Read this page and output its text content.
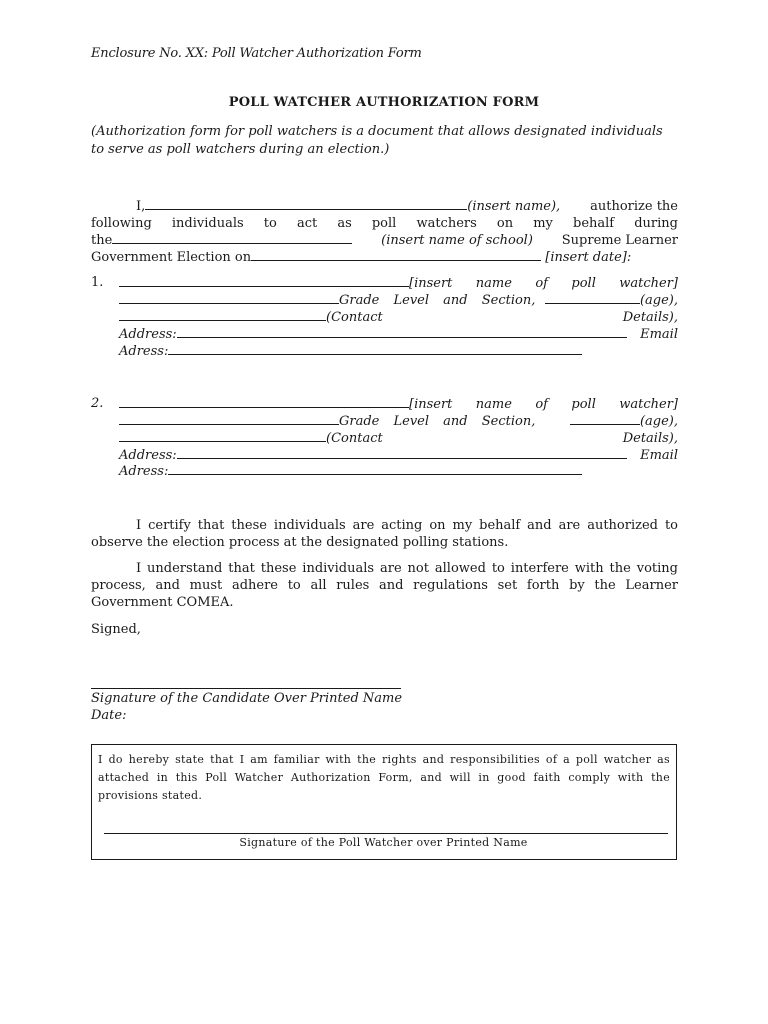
Enclosure No. XX: Poll Watcher Authorization Form
POLL WATCHER AUTHORIZATION FORM
(Authorization form for poll watchers is a document that allows designated individuals to serve as poll watchers during an election.)
I,	(insert name), authorize the
following individuals to act as poll watchers on my behalf during
the	(insert name of school) Supreme Learner
Government Election on	[insert date]:
1.	[insert name of poll watcher]
Grade Level and Section,	(age),
(Contact	Details),
Address:	Email
Adress:
2.	[insert name of poll watcher]
Grade Level and Section,	(age),
(Contact	Details),
Address:	Email
Adress:
I certify that these individuals are acting on my behalf and are authorized to observe the election process at the designated polling stations.
I understand that these individuals are not allowed to interfere with the voting process, and must adhere to all rules and regulations set forth by the Learner Government COMEA.
Signed,
Signature of the Candidate Over Printed Name
Date:
I do hereby state that I am familiar with the rights and responsibilities of a poll watcher as attached in this Poll Watcher Authorization Form, and will in good faith comply with the provisions stated.
Signature of the Poll Watcher over Printed Name
